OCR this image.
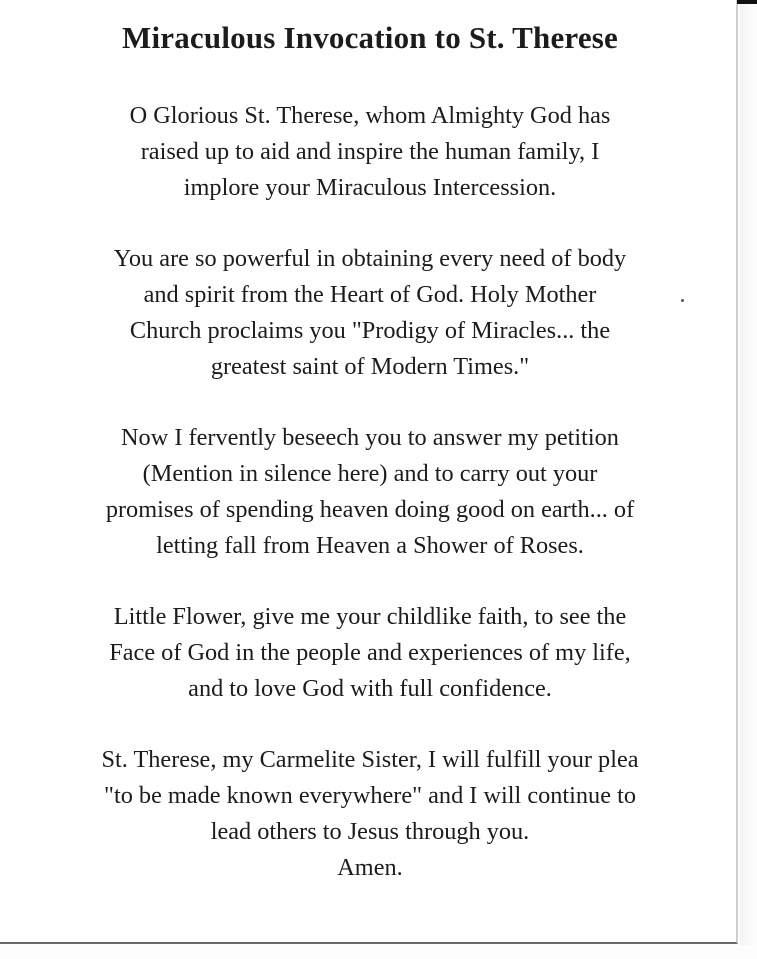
Miraculous Invocation to St. Therese

O Glorious St. Therese, whom Almighty God has
raised up to aid and inspire the human family, I
implore your Miraculous Intercession.

You are so powerful in obtaining every need of body
and spirit from the Heart of God. Holy Mother
Church proclaims you "Prodigy of Miracles... the
greatest saint of Modern Times."

Now I fervently beseech you to answer my petition
(Mention in silence here) and to carry out your
promises of spending heaven doing good on earth... of
letting fall from Heaven a Shower of Roses.

Little Flower, give me your childlike faith, to see the
Face of God in the people and experiences of my life,
and to love God with full confidence.

St. Therese, my Carmelite Sister, I will fulfill your plea
"to be made known everywhere" and I will continue to
lead others to Jesus through you.
Amen.
